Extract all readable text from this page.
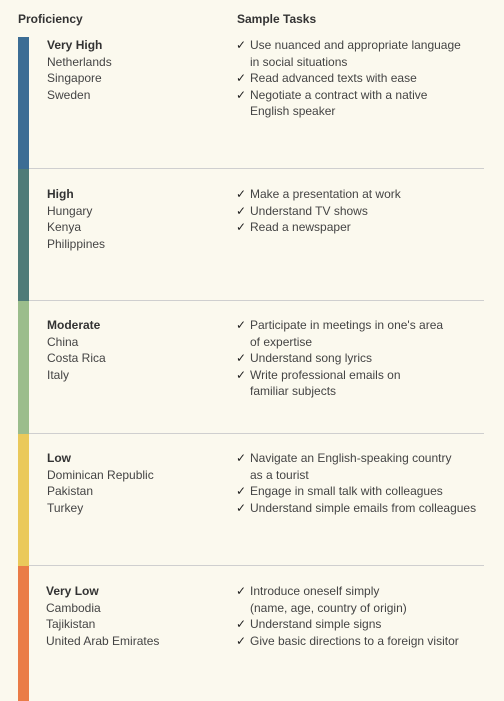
Proficiency	Sample Tasks
Very High
Netherlands
Singapore
Sweden
✓ Use nuanced and appropriate language
in social situations
✓ Read advanced texts with ease
✓ Negotiate a contract with a native
English speaker
High
Hungary
Kenya
Philippines
✓ Make a presentation at work
✓ Understand TV shows
✓ Read a newspaper
Moderate
China
Costa Rica
Italy
✓ Participate in meetings in one's area
of expertise
✓ Understand song lyrics
✓ Write professional emails on
familiar subjects
Low
Dominican Republic
Pakistan
Turkey
✓ Navigate an English-speaking country
as a tourist
✓ Engage in small talk with colleagues
✓ Understand simple emails from colleagues
Very Low
Cambodia
Tajikistan
United Arab Emirates
✓ Introduce oneself simply
(name, age, country of origin)
✓ Understand simple signs
✓ Give basic directions to a foreign visitor
